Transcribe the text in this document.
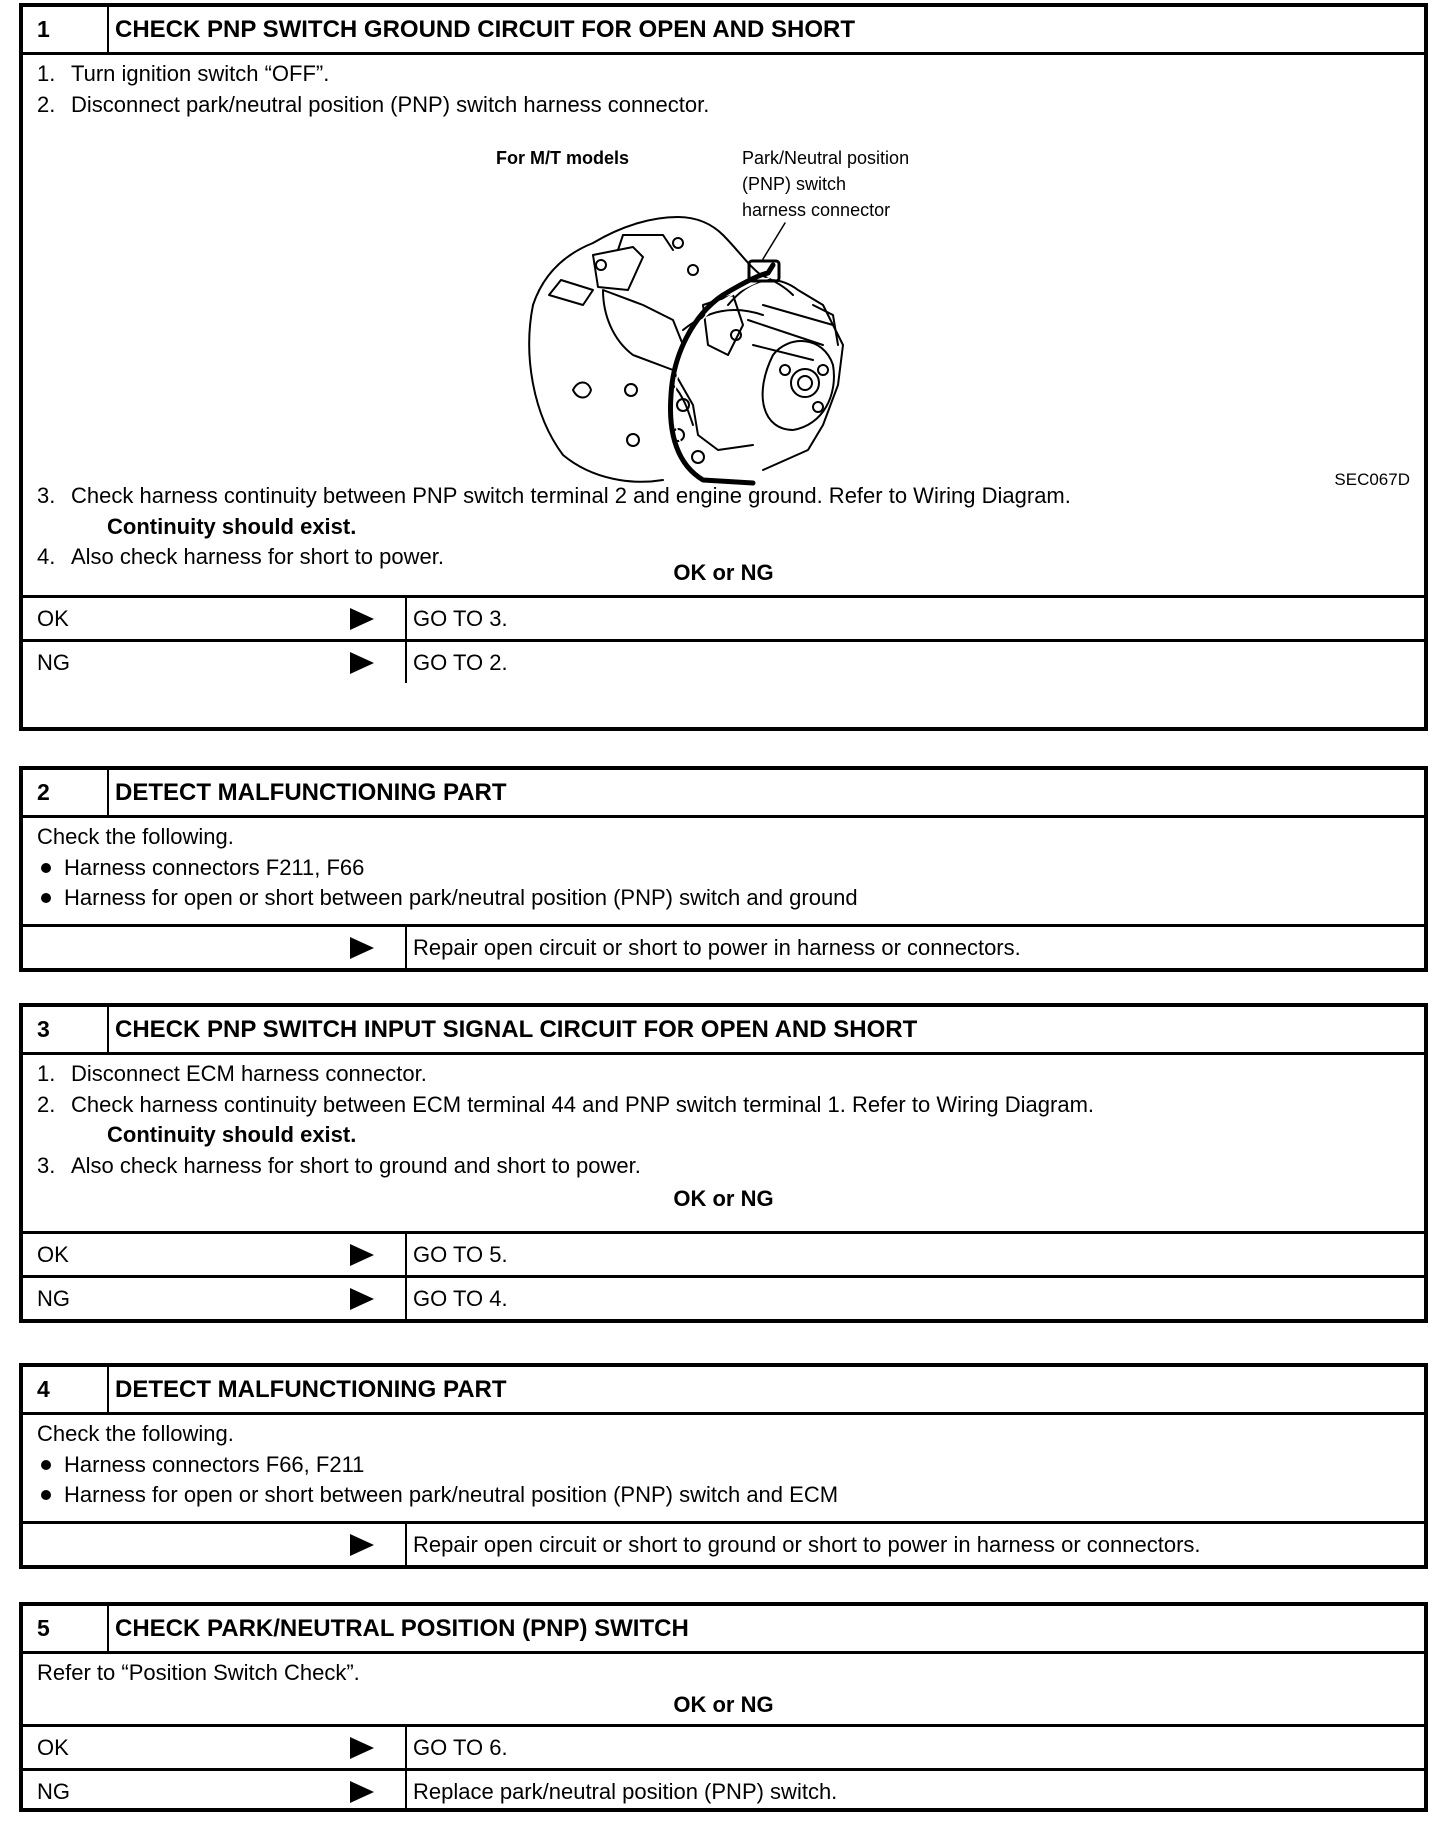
1	CHECK PNP SWITCH GROUND CIRCUIT FOR OPEN AND SHORT
1. Turn ignition switch “OFF”.
2. Disconnect park/neutral position (PNP) switch harness connector.
For M/T models	Park/Neutral position
(PNP) switch
harness connector
SEC067D
3. Check harness continuity between PNP switch terminal 2 and engine ground. Refer to Wiring Diagram.
Continuity should exist.
4. Also check harness for short to power.
OK or NG
OK	GO TO 3.
NG	GO TO 2.
2	DETECT MALFUNCTIONING PART
Check the following.
Harness connectors F211, F66
Harness for open or short between park/neutral position (PNP) switch and ground
Repair open circuit or short to power in harness or connectors.
3	CHECK PNP SWITCH INPUT SIGNAL CIRCUIT FOR OPEN AND SHORT
1. Disconnect ECM harness connector.
2. Check harness continuity between ECM terminal 44 and PNP switch terminal 1. Refer to Wiring Diagram.
Continuity should exist.
3. Also check harness for short to ground and short to power.
OK or NG
OK	GO TO 5.
NG	GO TO 4.
4	DETECT MALFUNCTIONING PART
Check the following.
Harness connectors F66, F211
Harness for open or short between park/neutral position (PNP) switch and ECM
Repair open circuit or short to ground or short to power in harness or connectors.
5	CHECK PARK/NEUTRAL POSITION (PNP) SWITCH
Refer to “Position Switch Check”.
OK or NG
OK	GO TO 6.
NG	Replace park/neutral position (PNP) switch.
